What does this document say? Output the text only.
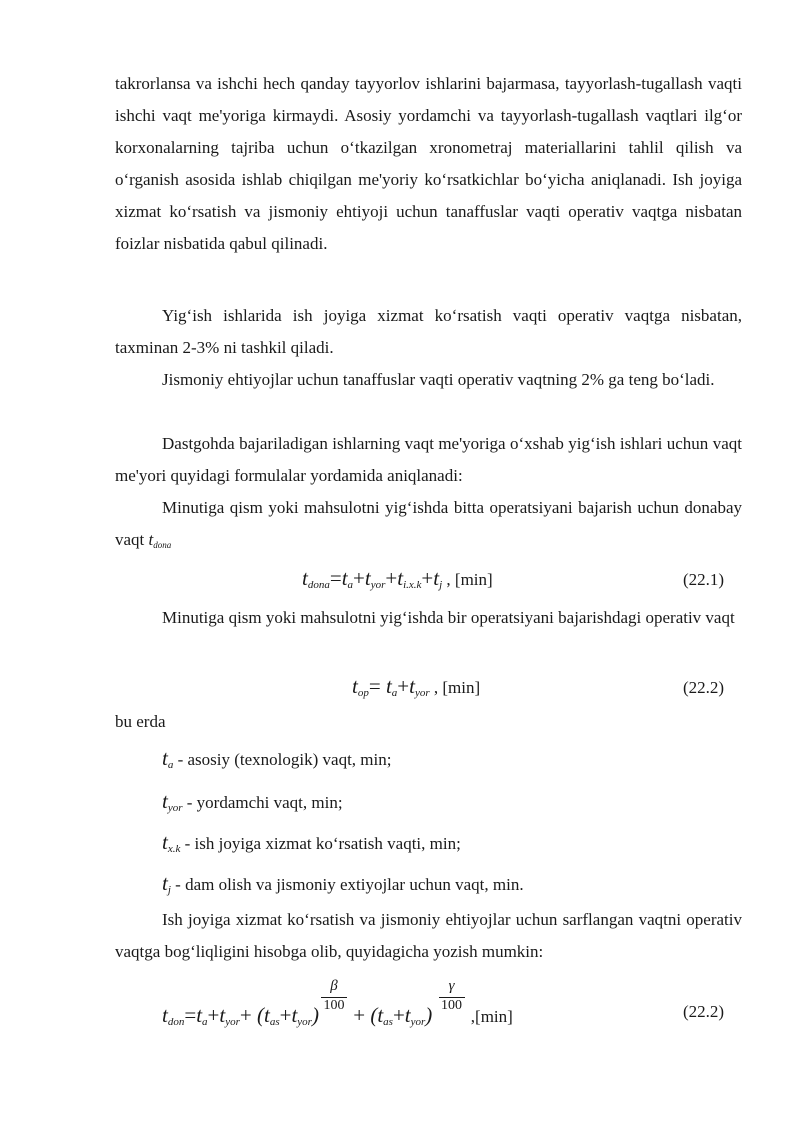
takrorlansa va ishchi hech qanday tayyorlov ishlarini bajarmasa, tayyorlash-tugallash vaqti ishchi vaqt me'yoriga kirmaydi. Asosiy yordamchi va tayyorlash-tugallash vaqtlari ilg‘or korxonalarning tajriba uchun o‘tkazilgan xronometraj materiallarini tahlil qilish va o‘rganish asosida ishlab chiqilgan me'yoriy ko‘rsatkichlar bo‘yicha aniqlanadi. Ish joyiga xizmat ko‘rsatish va jismoniy ehtiyoji uchun tanaffuslar vaqti operativ vaqtga nisbatan foizlar nisbatida qabul qilinadi.

Yig‘ish ishlarida ish joyiga xizmat ko‘rsatish vaqti operativ vaqtga nisbatan, taxminan 2-3% ni tashkil qiladi.

Jismoniy ehtiyojlar uchun tanaffuslar vaqti operativ vaqtning 2% ga teng bo‘ladi.

Dastgohda bajariladigan ishlarning vaqt me'yoriga o‘xshab yig‘ish ishlari uchun vaqt me'yori quyidagi formulalar yordamida aniqlanadi:

Minutiga qism yoki mahsulotni yig‘ishda bitta operatsiyani bajarish uchun donabay vaqt $t_{dona}$

$t_{dona}=t_a+t_{yor}+t_{i.x.k}+t_j$ , [min]	(22.1)

Minutiga qism yoki mahsulotni yig‘ishda bir operatsiyani bajarishdagi operativ vaqt

$t_{op}= t_a+t_{yor}$ , [min]	(22.2)

bu erda

$t_a$ - asosiy (texnologik) vaqt, min;
$t_{yor}$ - yordamchi vaqt, min;
$t_{x.k}$ - ish joyiga xizmat ko‘rsatish vaqti, min;
$t_j$ - dam olish va jismoniy extiyojlar uchun vaqt, min.

Ish joyiga xizmat ko‘rsatish va jismoniy ehtiyojlar uchun sarflangan vaqtni operativ vaqtga bog‘liqligini hisobga olib, quyidagicha yozish mumkin:

$t_{don}=t_a+t_{yor}+ (t_{as}+t_{yor}) \frac{\beta}{100} + (t_{as}+t_{yor}) \frac{\gamma}{100} ,[\min]$	(22.2)
